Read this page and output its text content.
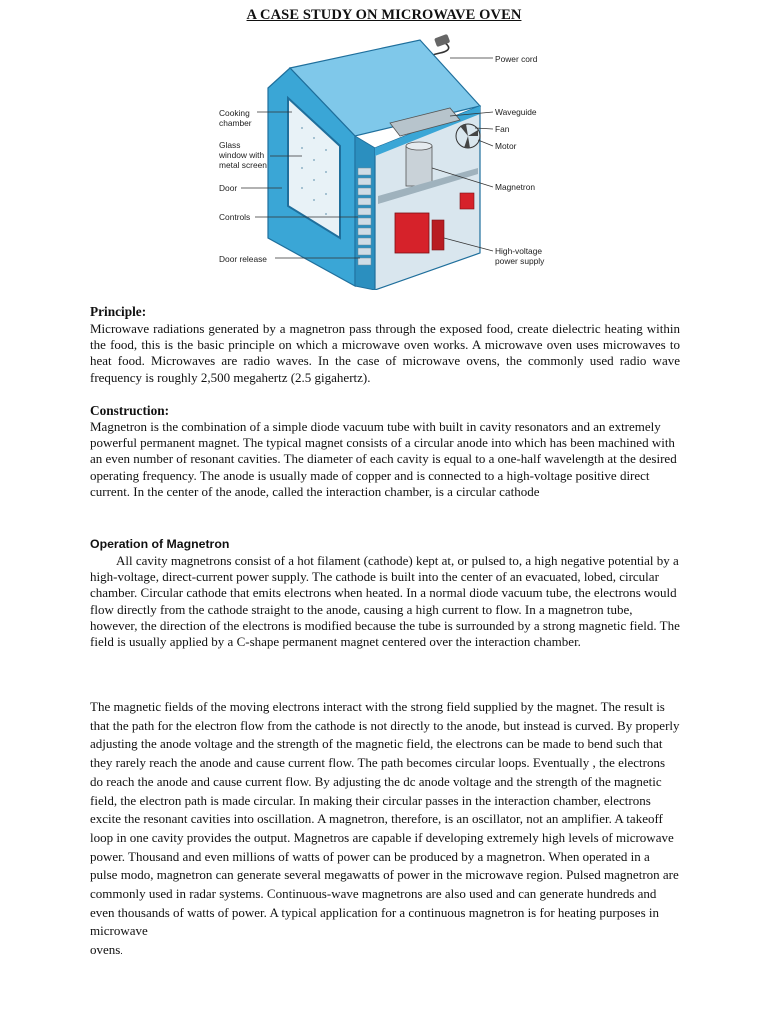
A CASE STUDY ON MICROWAVE OVEN
Cooking
chamber
Glass
window with
metal screen
Door
Controls
Door release
Power cord
Waveguide
Fan
Motor
Magnetron
High-voltage
power supply
Principle:
Microwave radiations generated by a magnetron pass through the exposed food, create dielectric heating within the food, this is the basic principle on which a microwave oven works. A microwave oven uses microwaves to heat food. Microwaves are radio waves. In the case of microwave ovens, the commonly used radio wave frequency is roughly 2,500 megahertz (2.5 gigahertz).
Construction:
Magnetron is the combination of a simple diode vacuum tube with built in cavity resonators and an extremely powerful permanent magnet. The typical magnet consists of a circular anode into which has been machined with an even number of resonant cavities. The diameter of each cavity is equal to a one-half wavelength at the desired operating frequency. The anode is usually made of copper and is connected to a high-voltage positive direct current. In the center of the anode, called the interaction chamber, is a circular cathode
Operation of Magnetron
All cavity magnetrons consist of a hot filament (cathode) kept at, or pulsed to, a high negative potential by a high-voltage, direct-current power supply. The cathode is built into the center of an evacuated, lobed, circular chamber. Circular cathode that emits electrons when heated. In a normal diode vacuum tube, the electrons would flow directly from the cathode straight to the anode, causing a high current to flow. In a magnetron tube, however, the direction of the electrons is modified because the tube is surrounded by a strong magnetic field. The field is usually applied by a C-shape permanent magnet centered over the interaction chamber.
The magnetic fields of the moving electrons interact with the strong field supplied by the magnet. The result is that the path for the electron flow from the cathode is not directly to the anode, but instead is curved. By properly adjusting the anode voltage and the strength of the magnetic field, the electrons can be made to bend such that they rarely reach the anode and cause current flow. The path becomes circular loops. Eventually , the electrons do reach the anode and cause current flow. By adjusting the dc anode voltage and the strength of the magnetic field, the electron path is made circular. In making their circular passes in the interaction chamber, electrons excite the resonant cavities into oscillation. A magnetron, therefore, is an oscillator, not an amplifier. A takeoff loop in one cavity provides the output. Magnetros are capable if developing extremely high levels of microwave power. Thousand and even millions of watts of power can be produced by a magnetron. When operated in a pulse modo, magnetron can generate several megawatts of power in the microwave region. Pulsed magnetron are commonly used in radar systems. Continuous-wave magnetrons are also used and can generate hundreds and even thousands of watts of power. A typical application for a continuous magnetron is for heating purposes in microwave
ovens.
